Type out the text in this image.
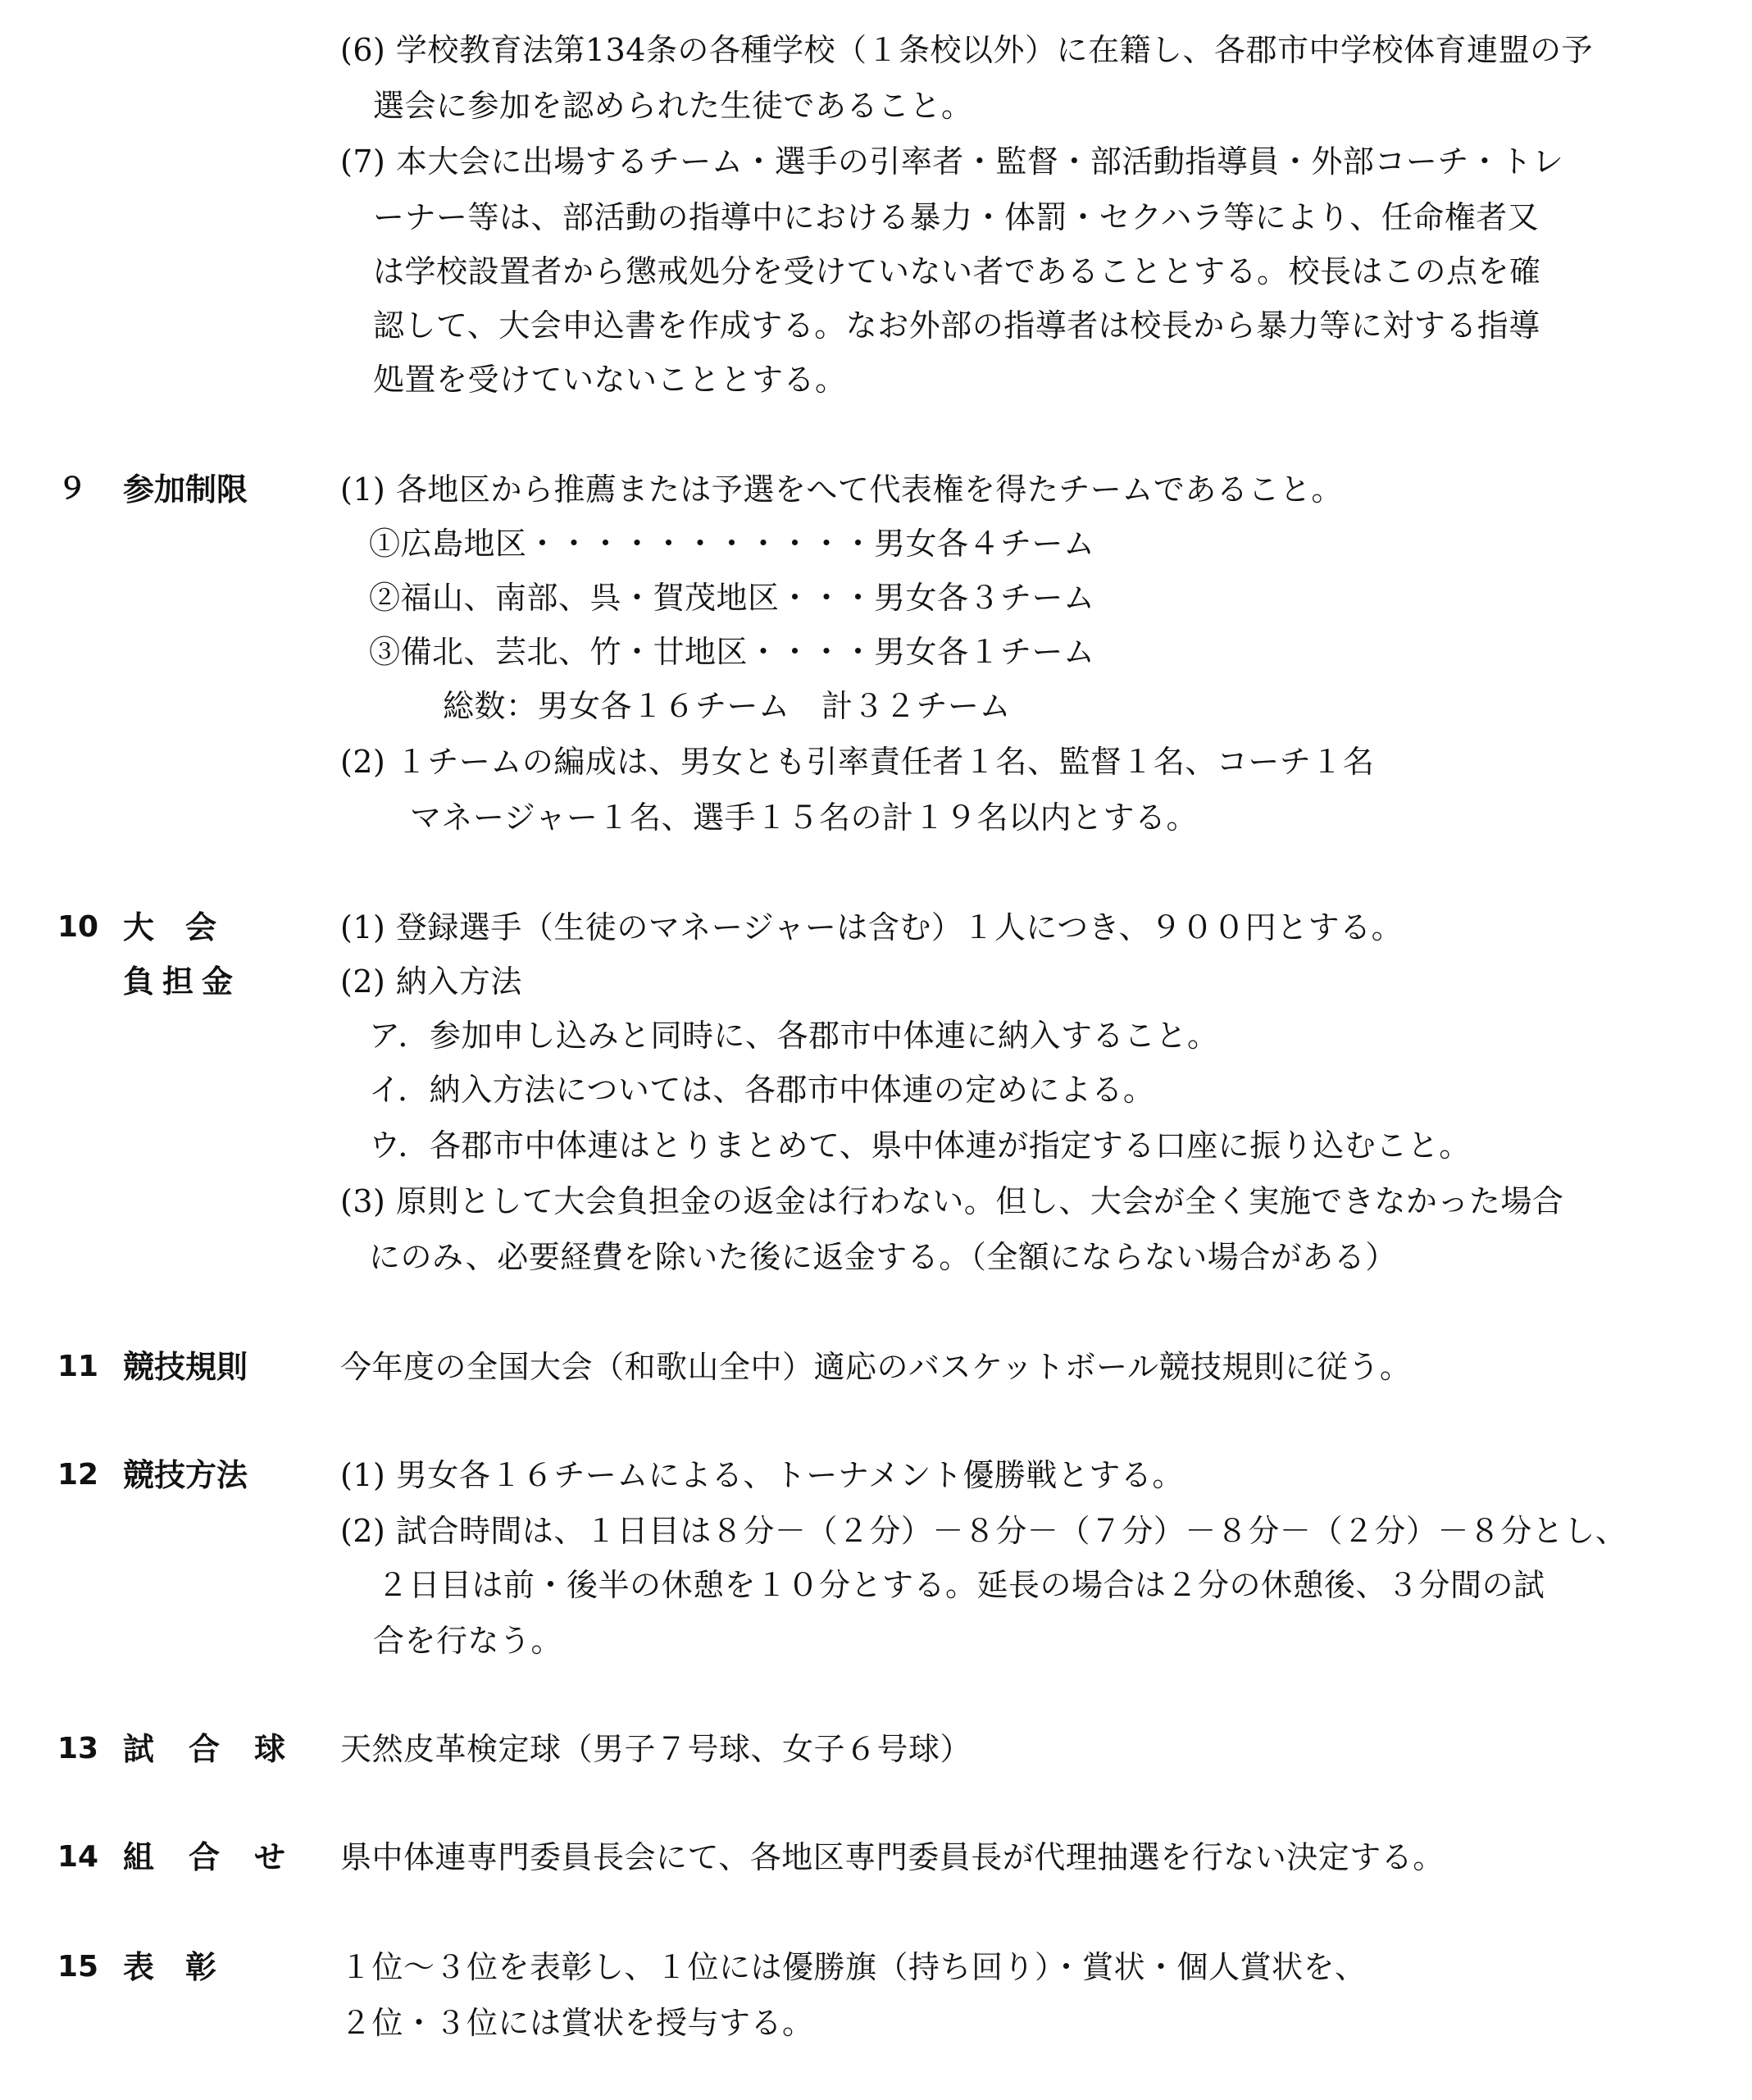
(6) 学校教育法第134条の各種学校（１条校以外）に在籍し、各郡市中学校体育連盟の予
選会に参加を認められた生徒であること。
(7) 本大会に出場するチーム・選手の引率者・監督・部活動指導員・外部コーチ・トレ
ーナー等は、部活動の指導中における暴力・体罰・セクハラ等により、任命権者又
は学校設置者から懲戒処分を受けていない者であることとする。校長はこの点を確
認して、大会申込書を作成する。なお外部の指導者は校長から暴力等に対する指導
処置を受けていないこととする。
９ 参加制限	(1) 各地区から推薦または予選をへて代表権を得たチームであること。
①広島地区・・・・・・・・・・・男女各４チーム
②福山、南部、呉・賀茂地区・・・男女各３チーム
③備北、芸北、竹・廿地区・・・・男女各１チーム
総数：男女各１６チーム　計３２チーム
(2) １チームの編成は、男女とも引率責任者１名、監督１名、コーチ１名
マネージャー１名、選手１５名の計１９名以内とする。
10 大　会
負担金
(1) 登録選手（生徒のマネージャーは含む）１人につき、９００円とする。
(2) 納入方法
ア．参加申し込みと同時に、各郡市中体連に納入すること。
イ．納入方法については、各郡市中体連の定めによる。
ウ．各郡市中体連はとりまとめて、県中体連が指定する口座に振り込むこと。
(3) 原則として大会負担金の返金は行わない。但し、大会が全く実施できなかった場合
にのみ、必要経費を除いた後に返金する。（全額にならない場合がある）
11 競技規則	今年度の全国大会（和歌山全中）適応のバスケットボール競技規則に従う。
12 競技方法	(1) 男女各１６チームによる、トーナメント優勝戦とする。
(2) 試合時間は、１日目は８分－（２分）－８分－（７分）－８分－（２分）－８分とし、
２日目は前・後半の休憩を１０分とする。延長の場合は２分の休憩後、３分間の試
合を行なう。
13 試合球 天然皮革検定球（男子７号球、女子６号球）
14 組合せ 県中体連専門委員長会にて、各地区専門委員長が代理抽選を行ない決定する。
15 表　彰	１位～３位を表彰し、１位には優勝旗（持ち回り）・賞状・個人賞状を、
２位・３位には賞状を授与する。
